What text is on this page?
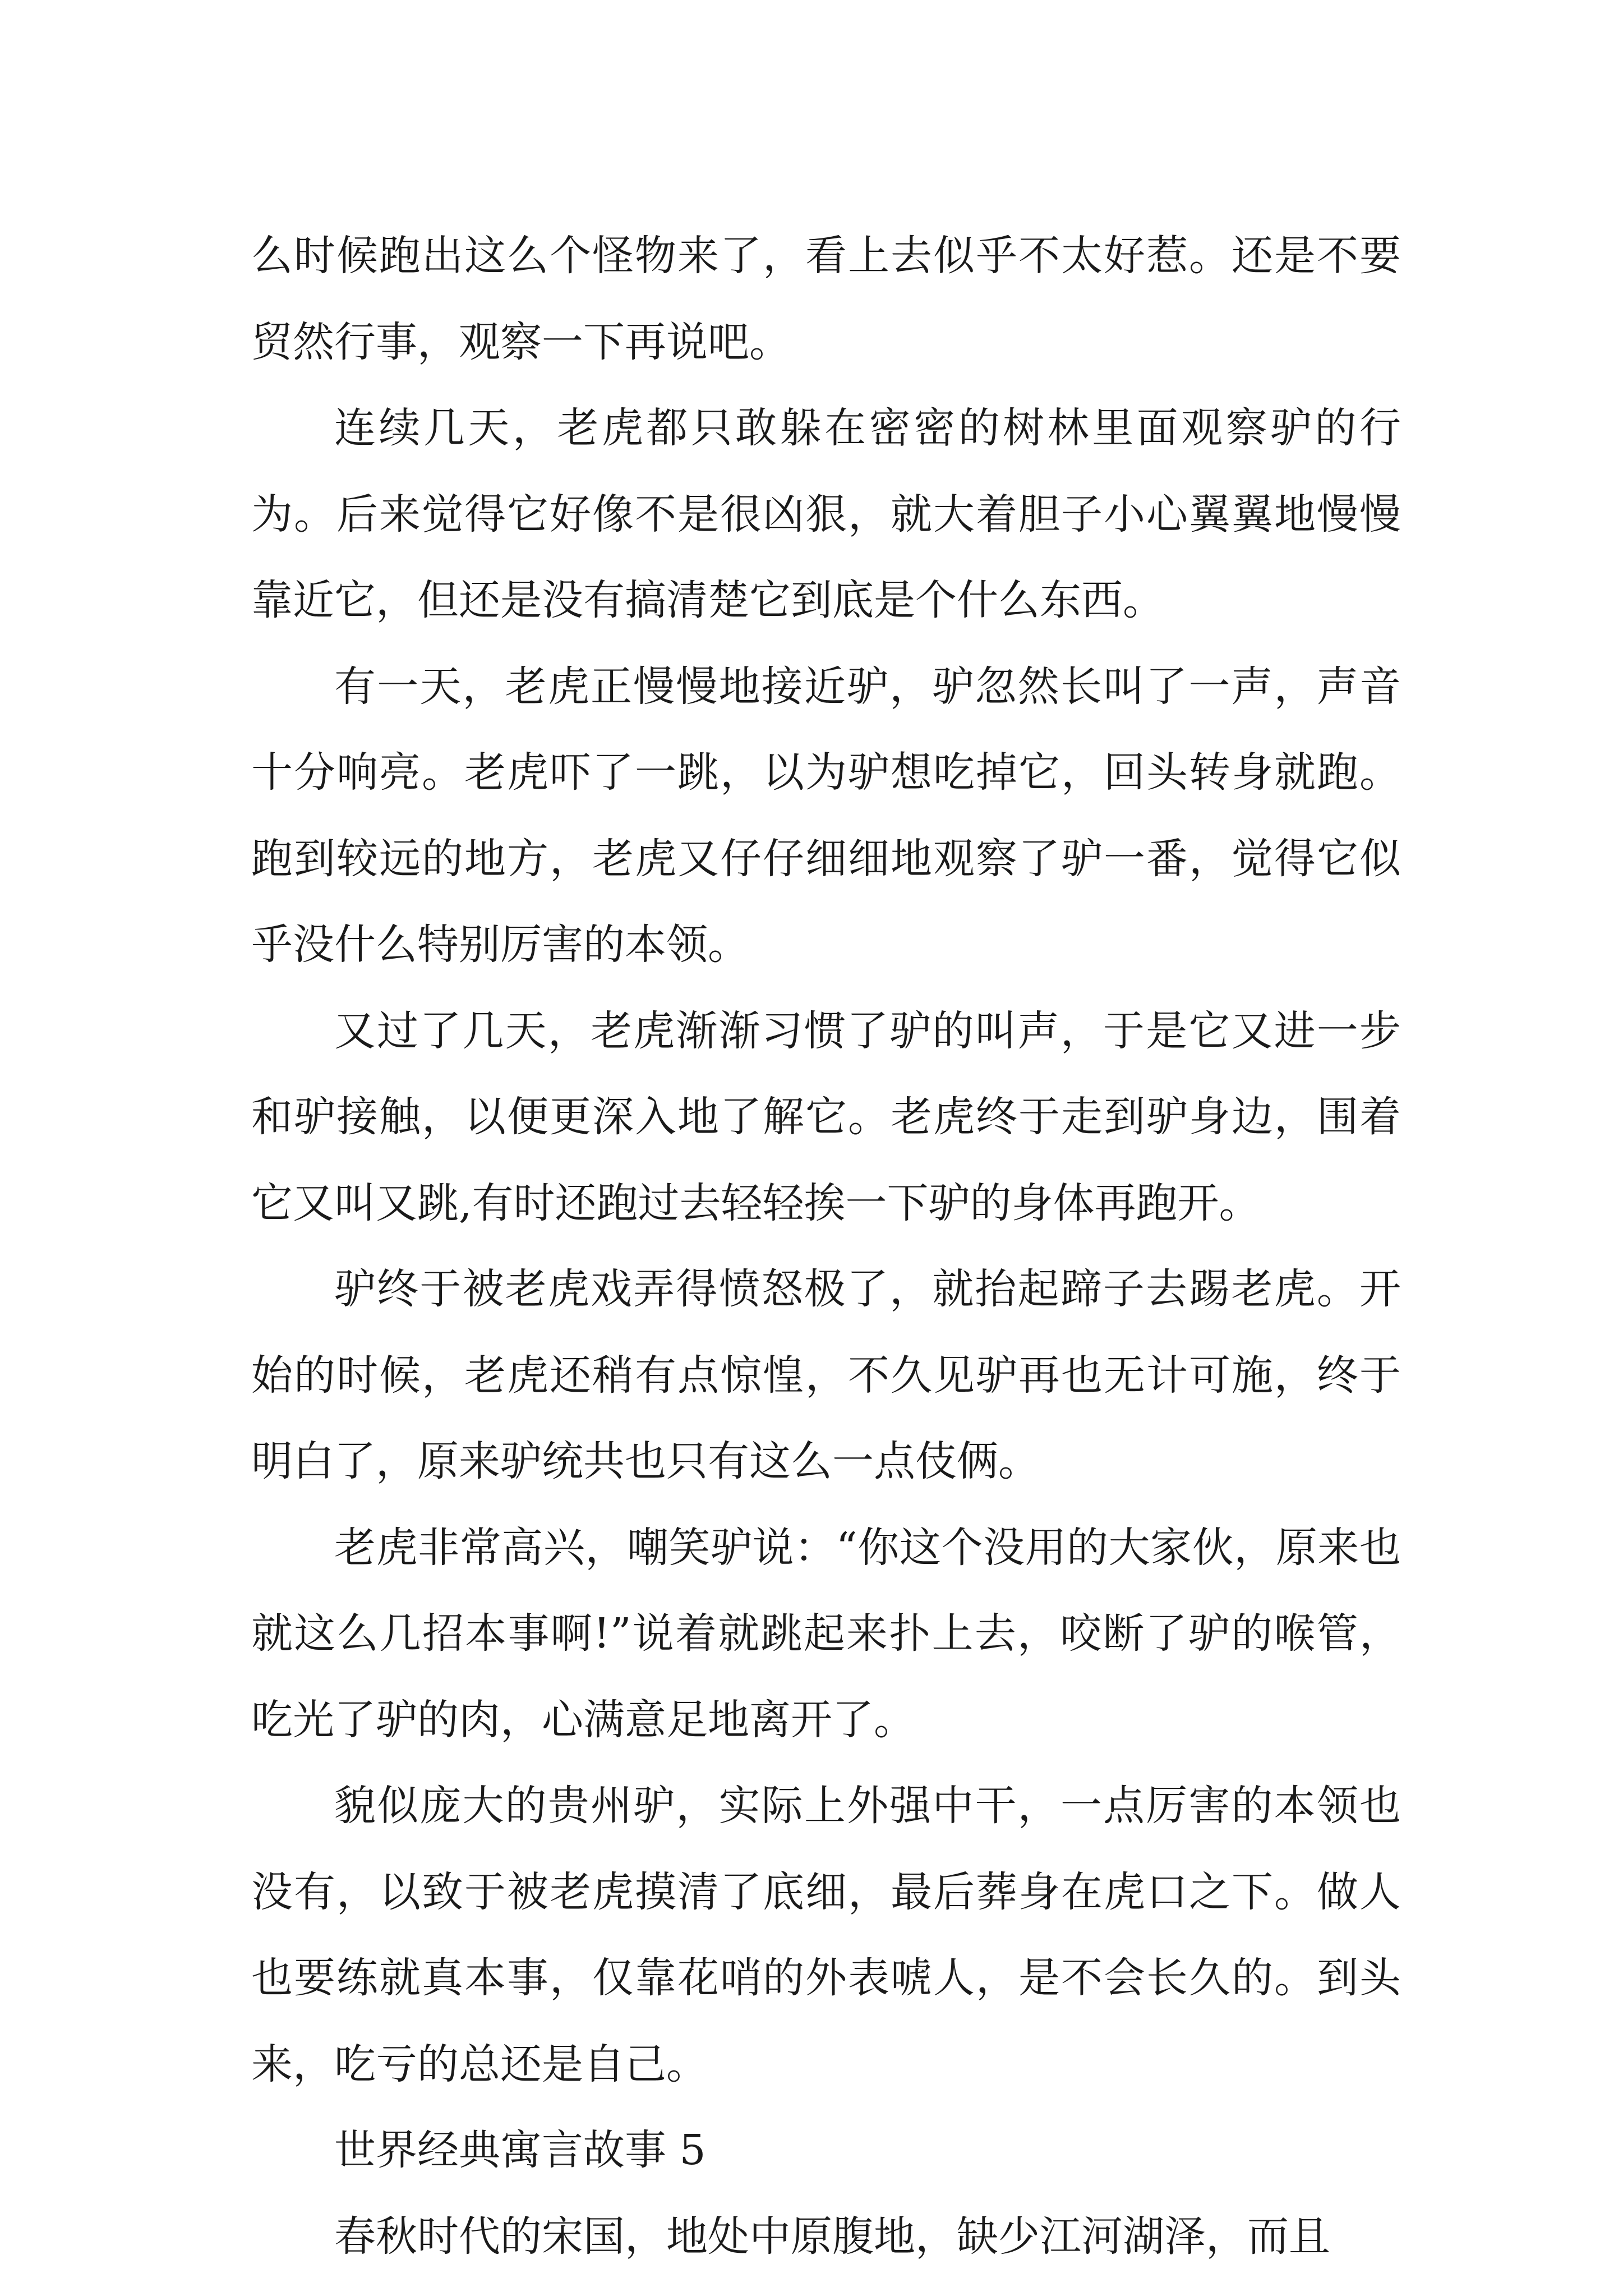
么时候跑出这么个怪物来了，看上去似乎不太好惹。还是不要贸然行事，观察一下再说吧。

连续几天，老虎都只敢躲在密密的树林里面观察驴的行为。后来觉得它好像不是很凶狠，就大着胆子小心翼翼地慢慢靠近它，但还是没有搞清楚它到底是个什么东西。

有一天，老虎正慢慢地接近驴，驴忽然长叫了一声，声音十分响亮。老虎吓了一跳，以为驴想吃掉它，回头转身就跑。跑到较远的地方，老虎又仔仔细细地观察了驴一番，觉得它似乎没什么特别厉害的本领。

又过了几天，老虎渐渐习惯了驴的叫声，于是它又进一步和驴接触，以便更深入地了解它。老虎终于走到驴身边，围着它又叫又跳,有时还跑过去轻轻挨一下驴的身体再跑开。

驴终于被老虎戏弄得愤怒极了，就抬起蹄子去踢老虎。开始的时候，老虎还稍有点惊惶，不久见驴再也无计可施，终于明白了，原来驴统共也只有这么一点伎俩。

老虎非常高兴，嘲笑驴说：“你这个没用的大家伙，原来也就这么几招本事啊!”说着就跳起来扑上去，咬断了驴的喉管，吃光了驴的肉，心满意足地离开了。

貌似庞大的贵州驴，实际上外强中干，一点厉害的本领也没有，以致于被老虎摸清了底细，最后葬身在虎口之下。做人也要练就真本事，仅靠花哨的外表唬人，是不会长久的。到头来，吃亏的总还是自己。

世界经典寓言故事 5

春秋时代的宋国，地处中原腹地，缺少江河湖泽，而且
